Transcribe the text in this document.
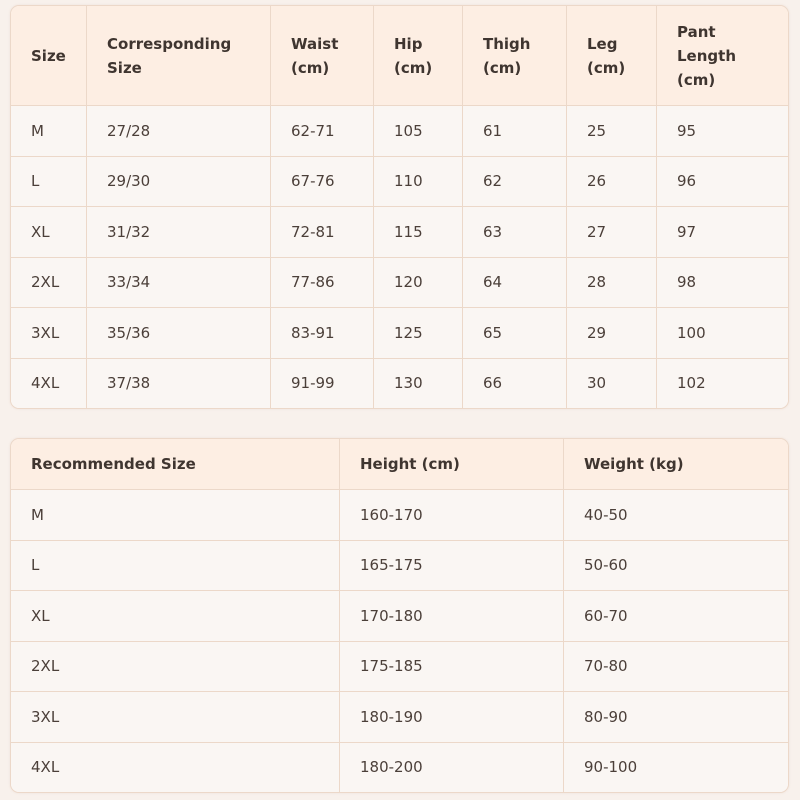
Size	Corresponding Size	Waist (cm)	Hip (cm)	Thigh (cm)	Leg (cm)	Pant Length (cm)
M	27/28	62-71	105	61	25	95
L	29/30	67-76	110	62	26	96
XL	31/32	72-81	115	63	27	97
2XL	33/34	77-86	120	64	28	98
3XL	35/36	83-91	125	65	29	100
4XL	37/38	91-99	130	66	30	102
Recommended Size	Height (cm)	Weight (kg)
M	160-170	40-50
L	165-175	50-60
XL	170-180	60-70
2XL	175-185	70-80
3XL	180-190	80-90
4XL	180-200	90-100
